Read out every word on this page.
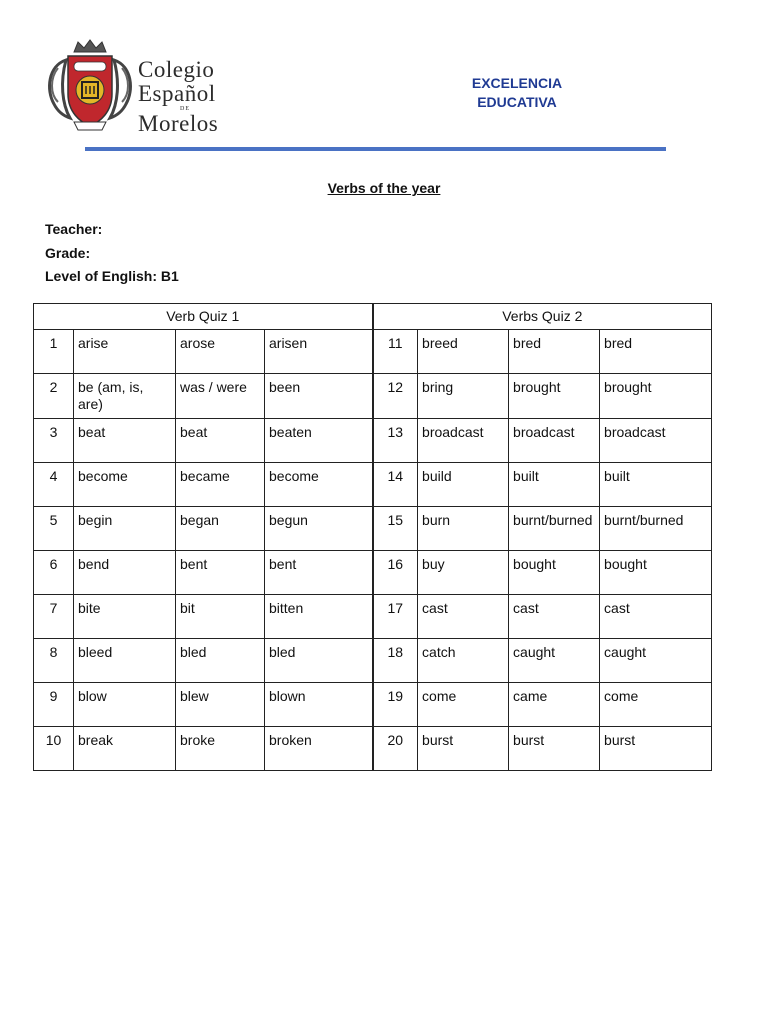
Colegio
Español
DE
Morelos
EXCELENCIA
EDUCATIVA
Verbs of the year
Teacher:
Grade:
Level of English: B1
Verb Quiz 1				Verbs Quiz 2			
1	arise	arose	arisen	11	breed	bred	bred
2	be (am, is, are)	was / were	been	12	bring	brought	brought
3	beat	beat	beaten	13	broadcast	broadcast	broadcast
4	become	became	become	14	build	built	built
5	begin	began	begun	15	burn	burnt/burned	burnt/burned
6	bend	bent	bent	16	buy	bought	bought
7	bite	bit	bitten	17	cast	cast	cast
8	bleed	bled	bled	18	catch	caught	caught
9	blow	blew	blown	19	come	came	come
10	break	broke	broken	20	burst	burst	burst
